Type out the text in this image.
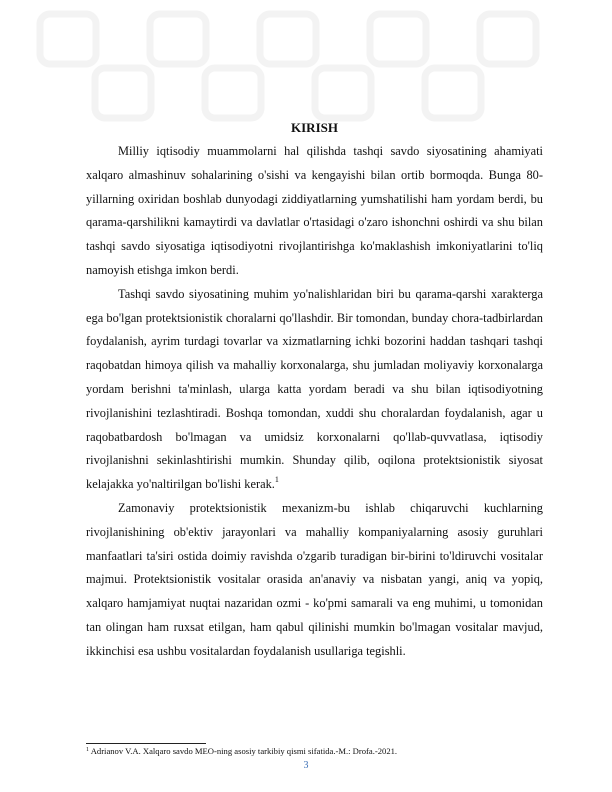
KIRISH

Milliy iqtisodiy muammolarni hal qilishda tashqi savdo siyosatining ahamiyati xalqaro almashinuv sohalarining o'sishi va kengayishi bilan ortib bormoqda. Bunga 80-yillarning oxiridan boshlab dunyodagi ziddiyatlarning yumshatilishi ham yordam berdi, bu qarama-qarshilikni kamaytirdi va davlatlar o'rtasidagi o'zaro ishonchni oshirdi va shu bilan tashqi savdo siyosatiga iqtisodiyotni rivojlantirishga ko'maklashish imkoniyatlarini to'liq namoyish etishga imkon berdi.

Tashqi savdo siyosatining muhim yo'nalishlaridan biri bu qarama-qarshi xarakterga ega bo'lgan protektsionistik choralarni qo'llashdir. Bir tomondan, bunday chora-tadbirlardan foydalanish, ayrim turdagi tovarlar va xizmatlarning ichki bozorini haddan tashqari tashqi raqobatdan himoya qilish va mahalliy korxonalarga, shu jumladan moliyaviy korxonalarga yordam berishni ta'minlash, ularga katta yordam beradi va shu bilan iqtisodiyotning rivojlanishini tezlashtiradi. Boshqa tomondan, xuddi shu choralardan foydalanish, agar u raqobatbardosh bo'lmagan va umidsiz korxonalarni qo'llab-quvvatlasa, iqtisodiy rivojlanishni sekinlashtirishi mumkin. Shunday qilib, oqilona protektsionistik siyosat kelajakka yo'naltirilgan bo'lishi kerak.$^1$

Zamonaviy protektsionistik mexanizm-bu ishlab chiqaruvchi kuchlarning rivojlanishining ob'ektiv jarayonlari va mahalliy kompaniyalarning asosiy guruhlari manfaatlari ta'siri ostida doimiy ravishda o'zgarib turadigan bir-birini to'ldiruvchi vositalar majmui. Protektsionistik vositalar orasida an'anaviy va nisbatan yangi, aniq va yopiq, xalqaro hamjamiyat nuqtai nazaridan ozmi - ko'pmi samarali va eng muhimi, u tomonidan tan olingan ham ruxsat etilgan, ham qabul qilinishi mumkin bo'lmagan vositalar mavjud, ikkinchisi esa ushbu vositalardan foydalanish usullariga tegishli.

$^1$ Adrianov V.A. Xalqaro savdo MEO-ning asosiy tarkibiy qismi sifatida.-M.: Drofa.-2021.
3
